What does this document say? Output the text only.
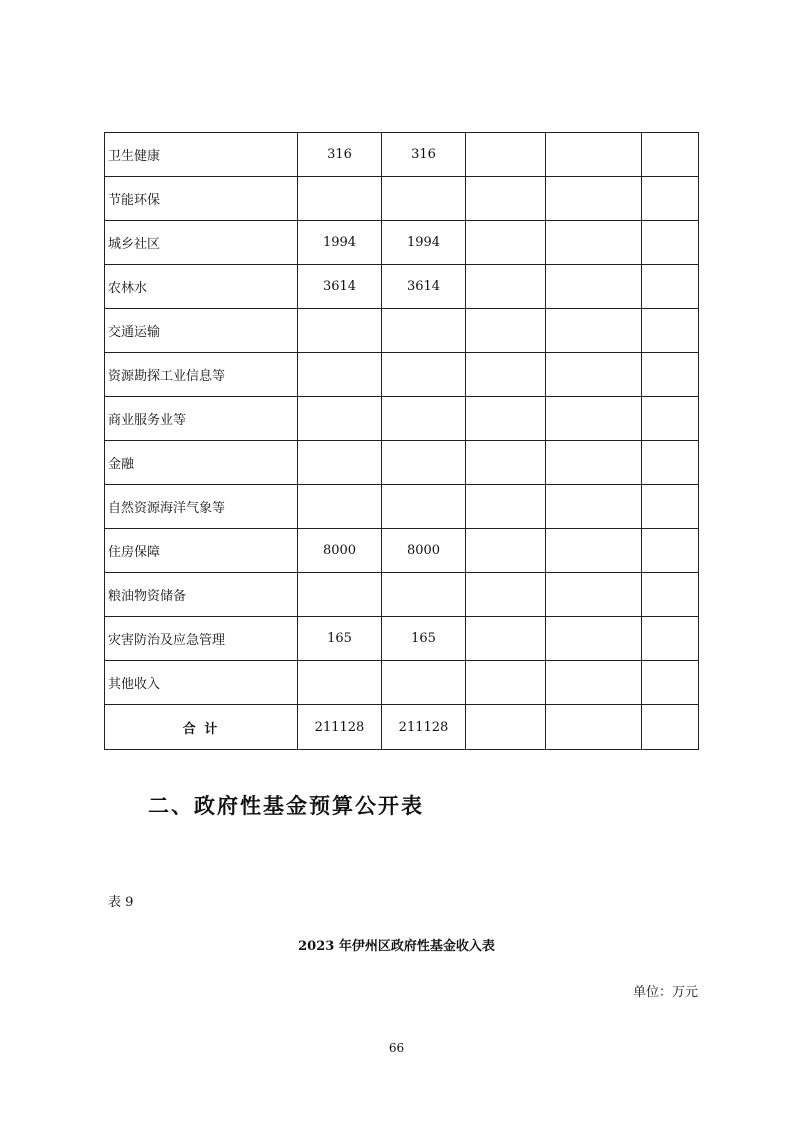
卫生健康	316	316			
节能环保					
城乡社区	1994	1994			
农林水	3614	3614			
交通运输					
资源勘探工业信息等					
商业服务业等					
金融					
自然资源海洋气象等					
住房保障	8000	8000			
粮油物资储备					
灾害防治及应急管理	165	165			
其他收入					
合 计	211128	211128			
二、政府性基金预算公开表
表 9
2023 年伊州区政府性基金收入表
单位：万元
66
